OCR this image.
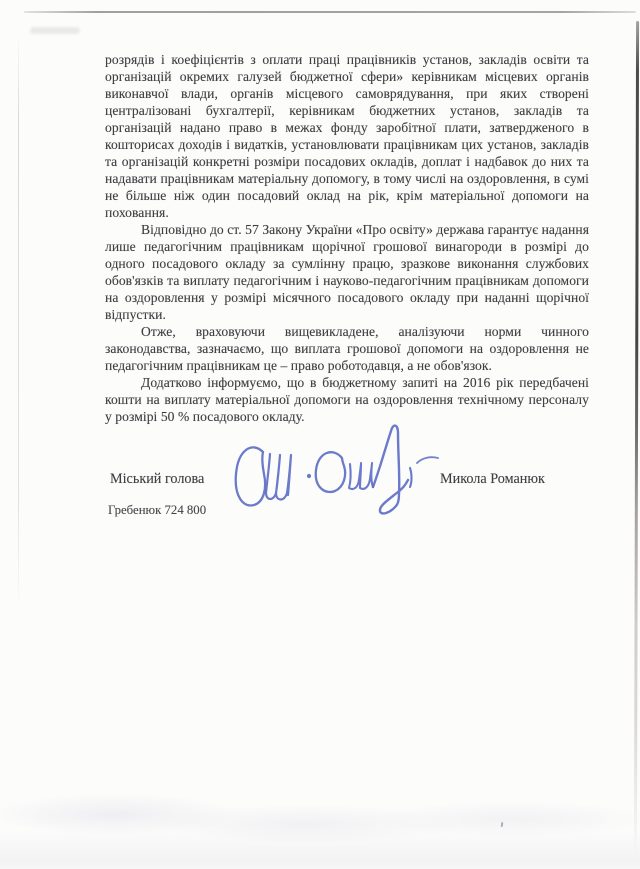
розрядів і коефіцієнтів з оплати праці працівників установ, закладів освіти та організацій окремих галузей бюджетної сфери» керівникам місцевих органів виконавчої влади, органів місцевого самоврядування, при яких створені централізовані бухгалтерії, керівникам бюджетних установ, закладів та організацій надано право в межах фонду заробітної плати, затвердженого в кошторисах доходів і видатків, установлювати працівникам цих установ, закладів та організацій конкретні розміри посадових окладів, доплат і надбавок до них та надавати працівникам матеріальну допомогу, в тому числі на оздоровлення, в сумі не більше ніж один посадовий оклад на рік, крім матеріальної допомоги на поховання.

Відповідно до ст. 57 Закону України «Про освіту» держава гарантує надання лише педагогічним працівникам щорічної грошової винагороди в розмірі до одного посадового окладу за сумлінну працю, зразкове виконання службових обов'язків та виплату педагогічним і науково-педагогічним працівникам допомоги на оздоровлення у розмірі місячного посадового окладу при наданні щорічної відпустки.

Отже, враховуючи вищевикладене, аналізуючи норми чинного законодавства, зазначаємо, що виплата грошової допомоги на оздоровлення не педагогічним працівникам це – право роботодавця, а не обов'язок.

Додатково інформуємо, що в бюджетному запиті на 2016 рік передбачені кошти на виплату матеріальної допомоги на оздоровлення технічному персоналу у розмірі 50 % посадового окладу.

Міський голова	Микола Романюк
Гребенюк 724 800
